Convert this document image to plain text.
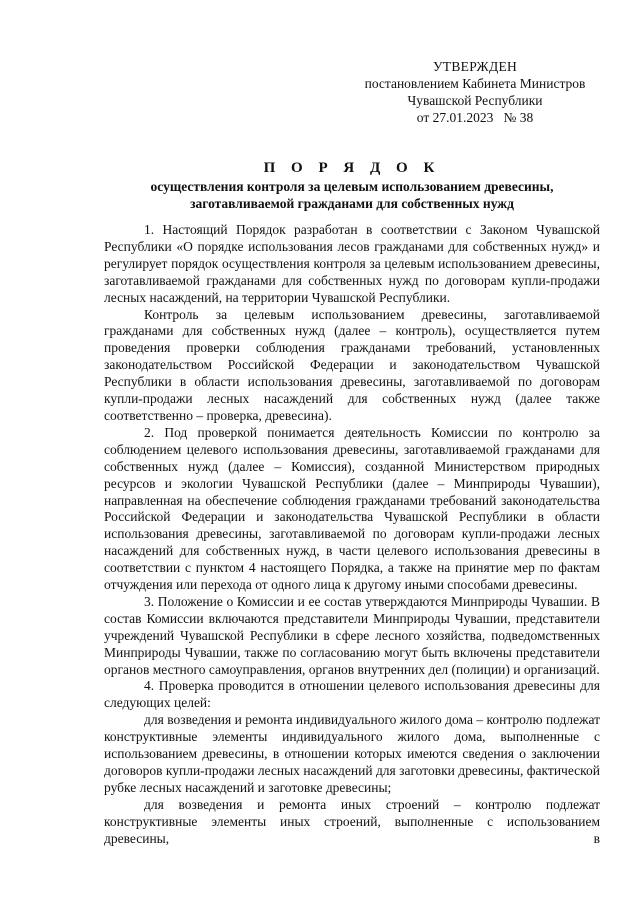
УТВЕРЖДЕН
постановлением Кабинета Министров
Чувашской Республики
от 27.01.2023   № 38
П О Р Я Д О К
осуществления контроля за целевым использованием древесины,
заготавливаемой гражданами для собственных нужд

1. Настоящий Порядок разработан в соответствии с Законом Чувашской Республики «О порядке использования лесов гражданами для собственных нужд» и регулирует порядок осуществления контроля за целевым использованием древесины, заготавливаемой гражданами для собственных нужд по договорам купли-продажи лесных насаждений, на территории Чувашской Республики.

Контроль за целевым использованием древесины, заготавливаемой гражданами для собственных нужд (далее – контроль), осуществляется путем проведения проверки соблюдения гражданами требований, установленных законодательством Российской Федерации и законодательством Чувашской Республики в области использования древесины, заготавливаемой по договорам купли-продажи лесных насаждений для собственных нужд (далее также соответственно – проверка, древесина).

2. Под проверкой понимается деятельность Комиссии по контролю за соблюдением целевого использования древесины, заготавливаемой гражданами для собственных нужд (далее – Комиссия), созданной Министерством природных ресурсов и экологии Чувашской Республики (далее – Минприроды Чувашии), направленная на обеспечение соблюдения гражданами требований законодательства Российской Федерации и законодательства Чувашской Республики в области использования древесины, заготавливаемой по договорам купли-продажи лесных насаждений для собственных нужд, в части целевого использования древесины в соответствии с пунктом 4 настоящего Порядка, а также на принятие мер по фактам отчуждения или перехода от одного лица к другому иными способами древесины.

3. Положение о Комиссии и ее состав утверждаются Минприроды Чувашии. В состав Комиссии включаются представители Минприроды Чувашии, представители учреждений Чувашской Республики в сфере лесного хозяйства, подведомственных Минприроды Чувашии, также по согласованию могут быть включены представители органов местного самоуправления, органов внутренних дел (полиции) и организаций.

4. Проверка проводится в отношении целевого использования древесины для следующих целей:

для возведения и ремонта индивидуального жилого дома – контролю подлежат конструктивные элементы индивидуального жилого дома, выполненные с использованием древесины, в отношении которых имеются сведения о заключении договоров купли-продажи лесных насаждений для заготовки древесины, фактической рубке лесных насаждений и заготовке древесины;

для возведения и ремонта иных строений – контролю подлежат конструктивные элементы иных строений, выполненные с использованием древесины, в
